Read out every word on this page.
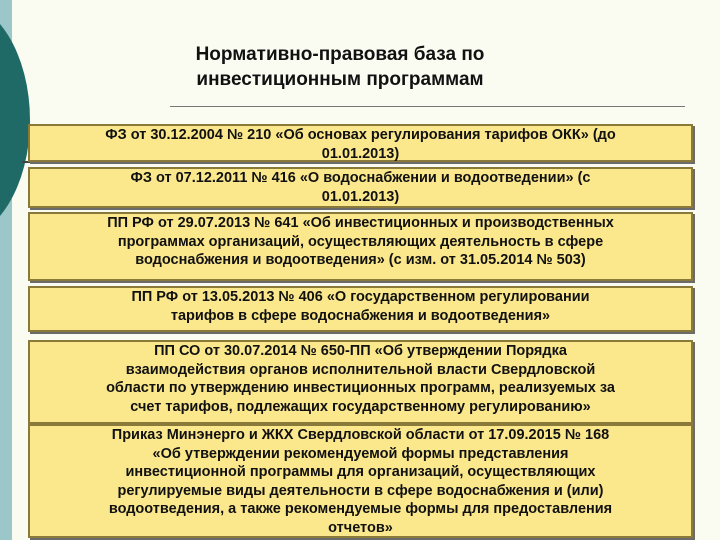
Нормативно-правовая база по
инвестиционным программам

ФЗ от 30.12.2004 № 210 «Об основах регулирования тарифов ОКК» (до

01.01.2013)

ФЗ от 07.12.2011 № 416 «О водоснабжении и водоотведении» (с

01.01.2013)

ПП РФ от 29.07.2013 № 641 «Об инвестиционных и производственных

программах организаций, осуществляющих деятельность в сфере

водоснабжения и водоотведения» (с изм. от 31.05.2014 № 503)

ПП РФ от 13.05.2013 № 406 «О государственном регулировании

тарифов в сфере водоснабжения и водоотведения»

ПП СО от 30.07.2014 № 650-ПП «Об утверждении Порядка

взаимодействия органов исполнительной власти Свердловской

области по утверждению инвестиционных программ, реализуемых за

счет тарифов, подлежащих государственному регулированию»

Приказ Минэнерго и ЖКХ Свердловской области от 17.09.2015 № 168

«Об утверждении рекомендуемой формы представления

инвестиционной программы для организаций, осуществляющих

регулируемые виды деятельности в сфере водоснабжения и (или)

водоотведения, а также рекомендуемые формы для предоставления

отчетов»
